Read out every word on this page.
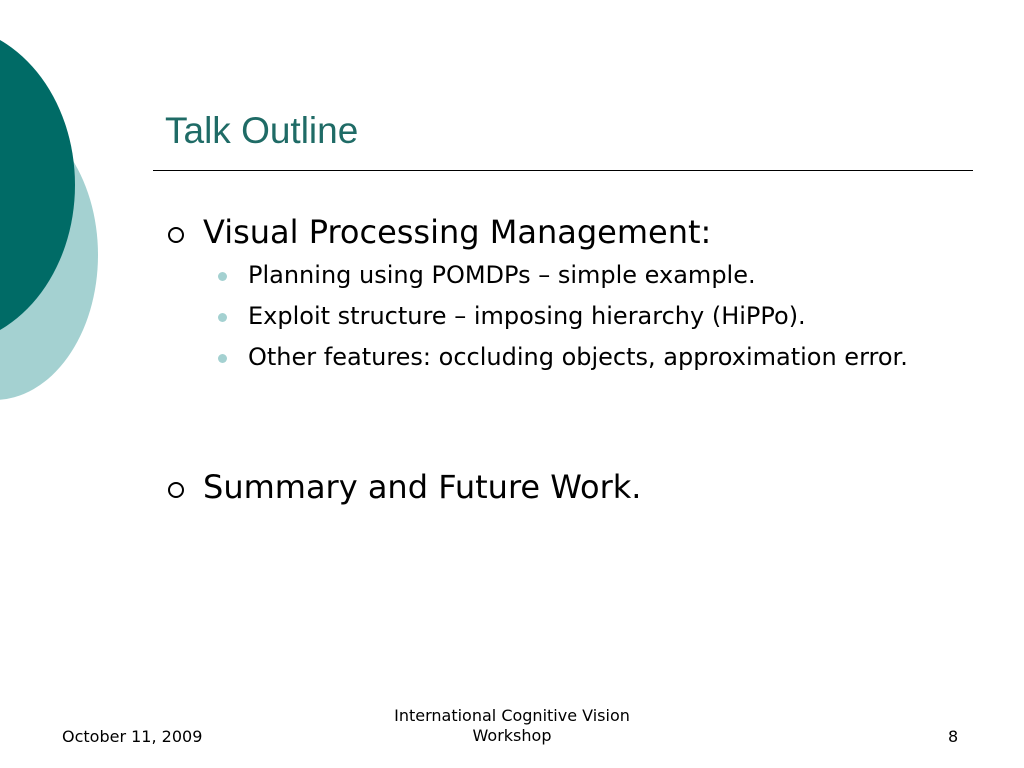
Talk Outline
Visual Processing Management:
Planning using POMDPs – simple example.
Exploit structure – imposing hierarchy (HiPPo).
Other features: occluding objects, approximation error.
Summary and Future Work.
October 11, 2009
International Cognitive Vision
Workshop	8
